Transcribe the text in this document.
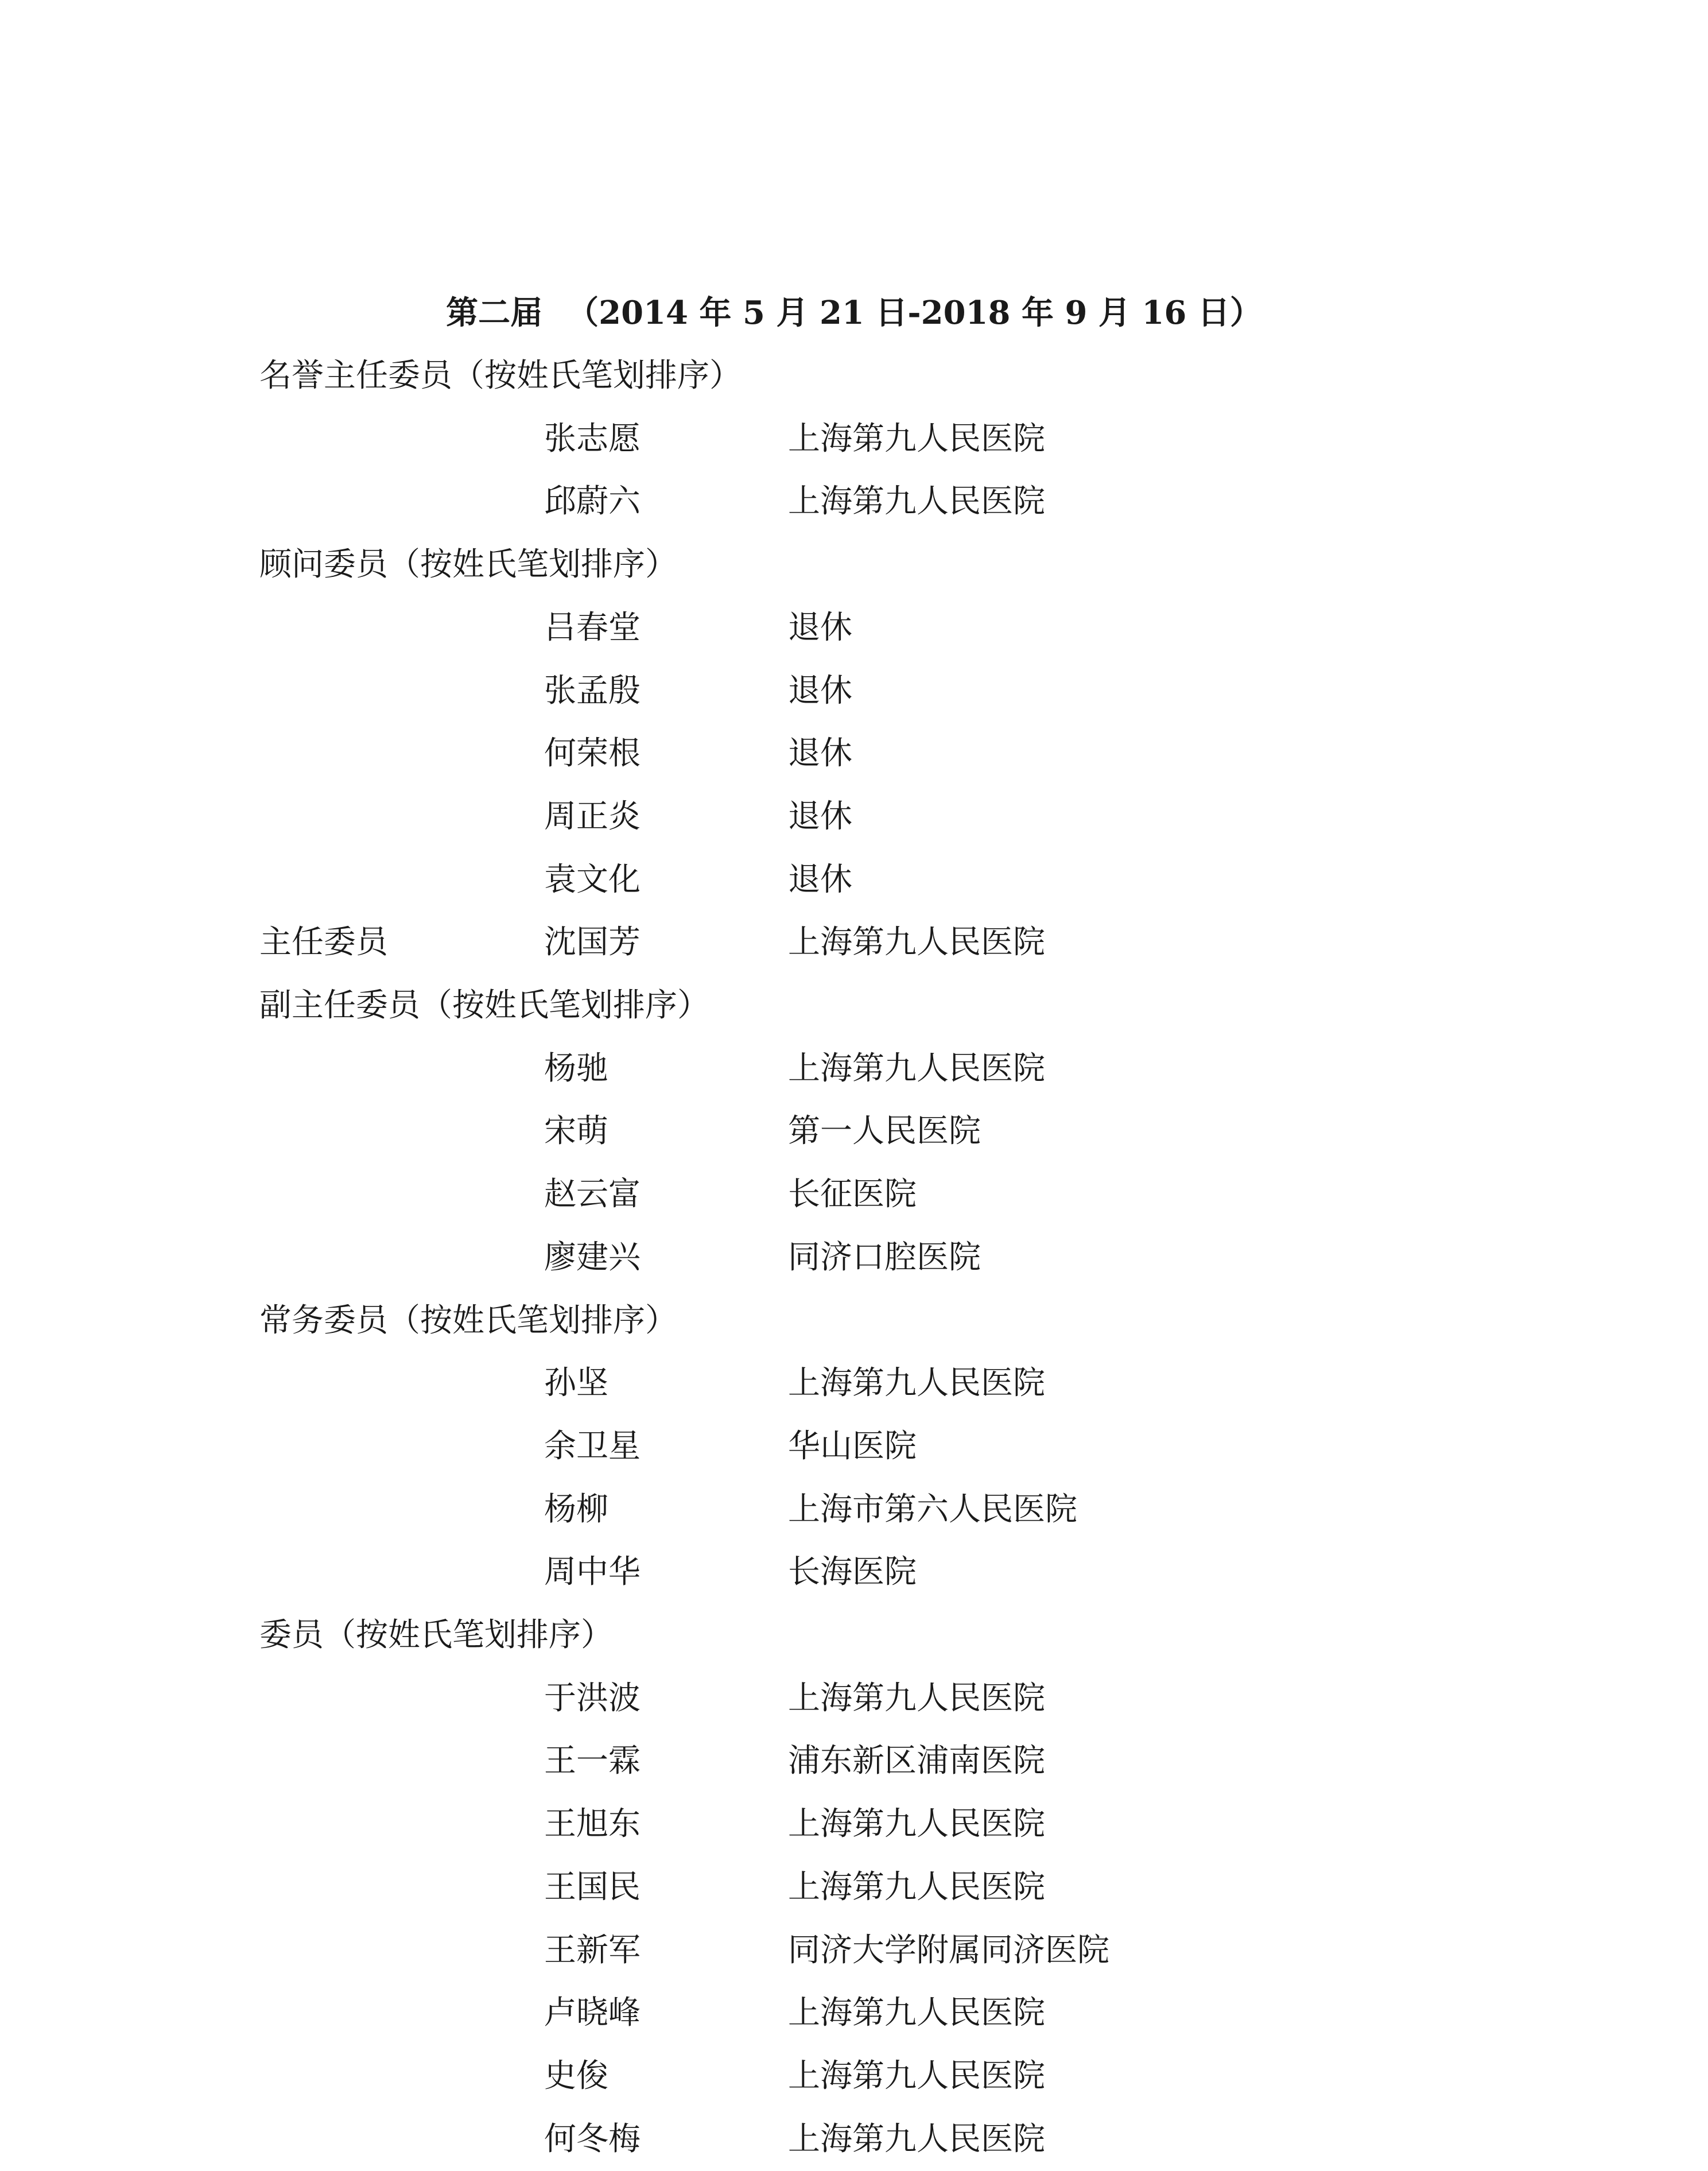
第二届 （2014 年 5 月 21 日-2018 年 9 月 16 日）
名誉主任委员（按姓氏笔划排序）
张志愿	上海第九人民医院
邱蔚六	上海第九人民医院
顾问委员（按姓氏笔划排序）
吕春堂	退休
张孟殷	退休
何荣根	退休
周正炎	退休
袁文化	退休
主任委员	沈国芳	上海第九人民医院
副主任委员（按姓氏笔划排序）
杨驰	上海第九人民医院
宋萌	第一人民医院
赵云富	长征医院
廖建兴	同济口腔医院
常务委员（按姓氏笔划排序）
孙坚	上海第九人民医院
余卫星	华山医院
杨柳	上海市第六人民医院
周中华	长海医院
委员（按姓氏笔划排序）
于洪波	上海第九人民医院
王一霖	浦东新区浦南医院
王旭东	上海第九人民医院
王国民	上海第九人民医院
王新军	同济大学附属同济医院
卢晓峰	上海第九人民医院
史俊	上海第九人民医院
何冬梅	上海第九人民医院
